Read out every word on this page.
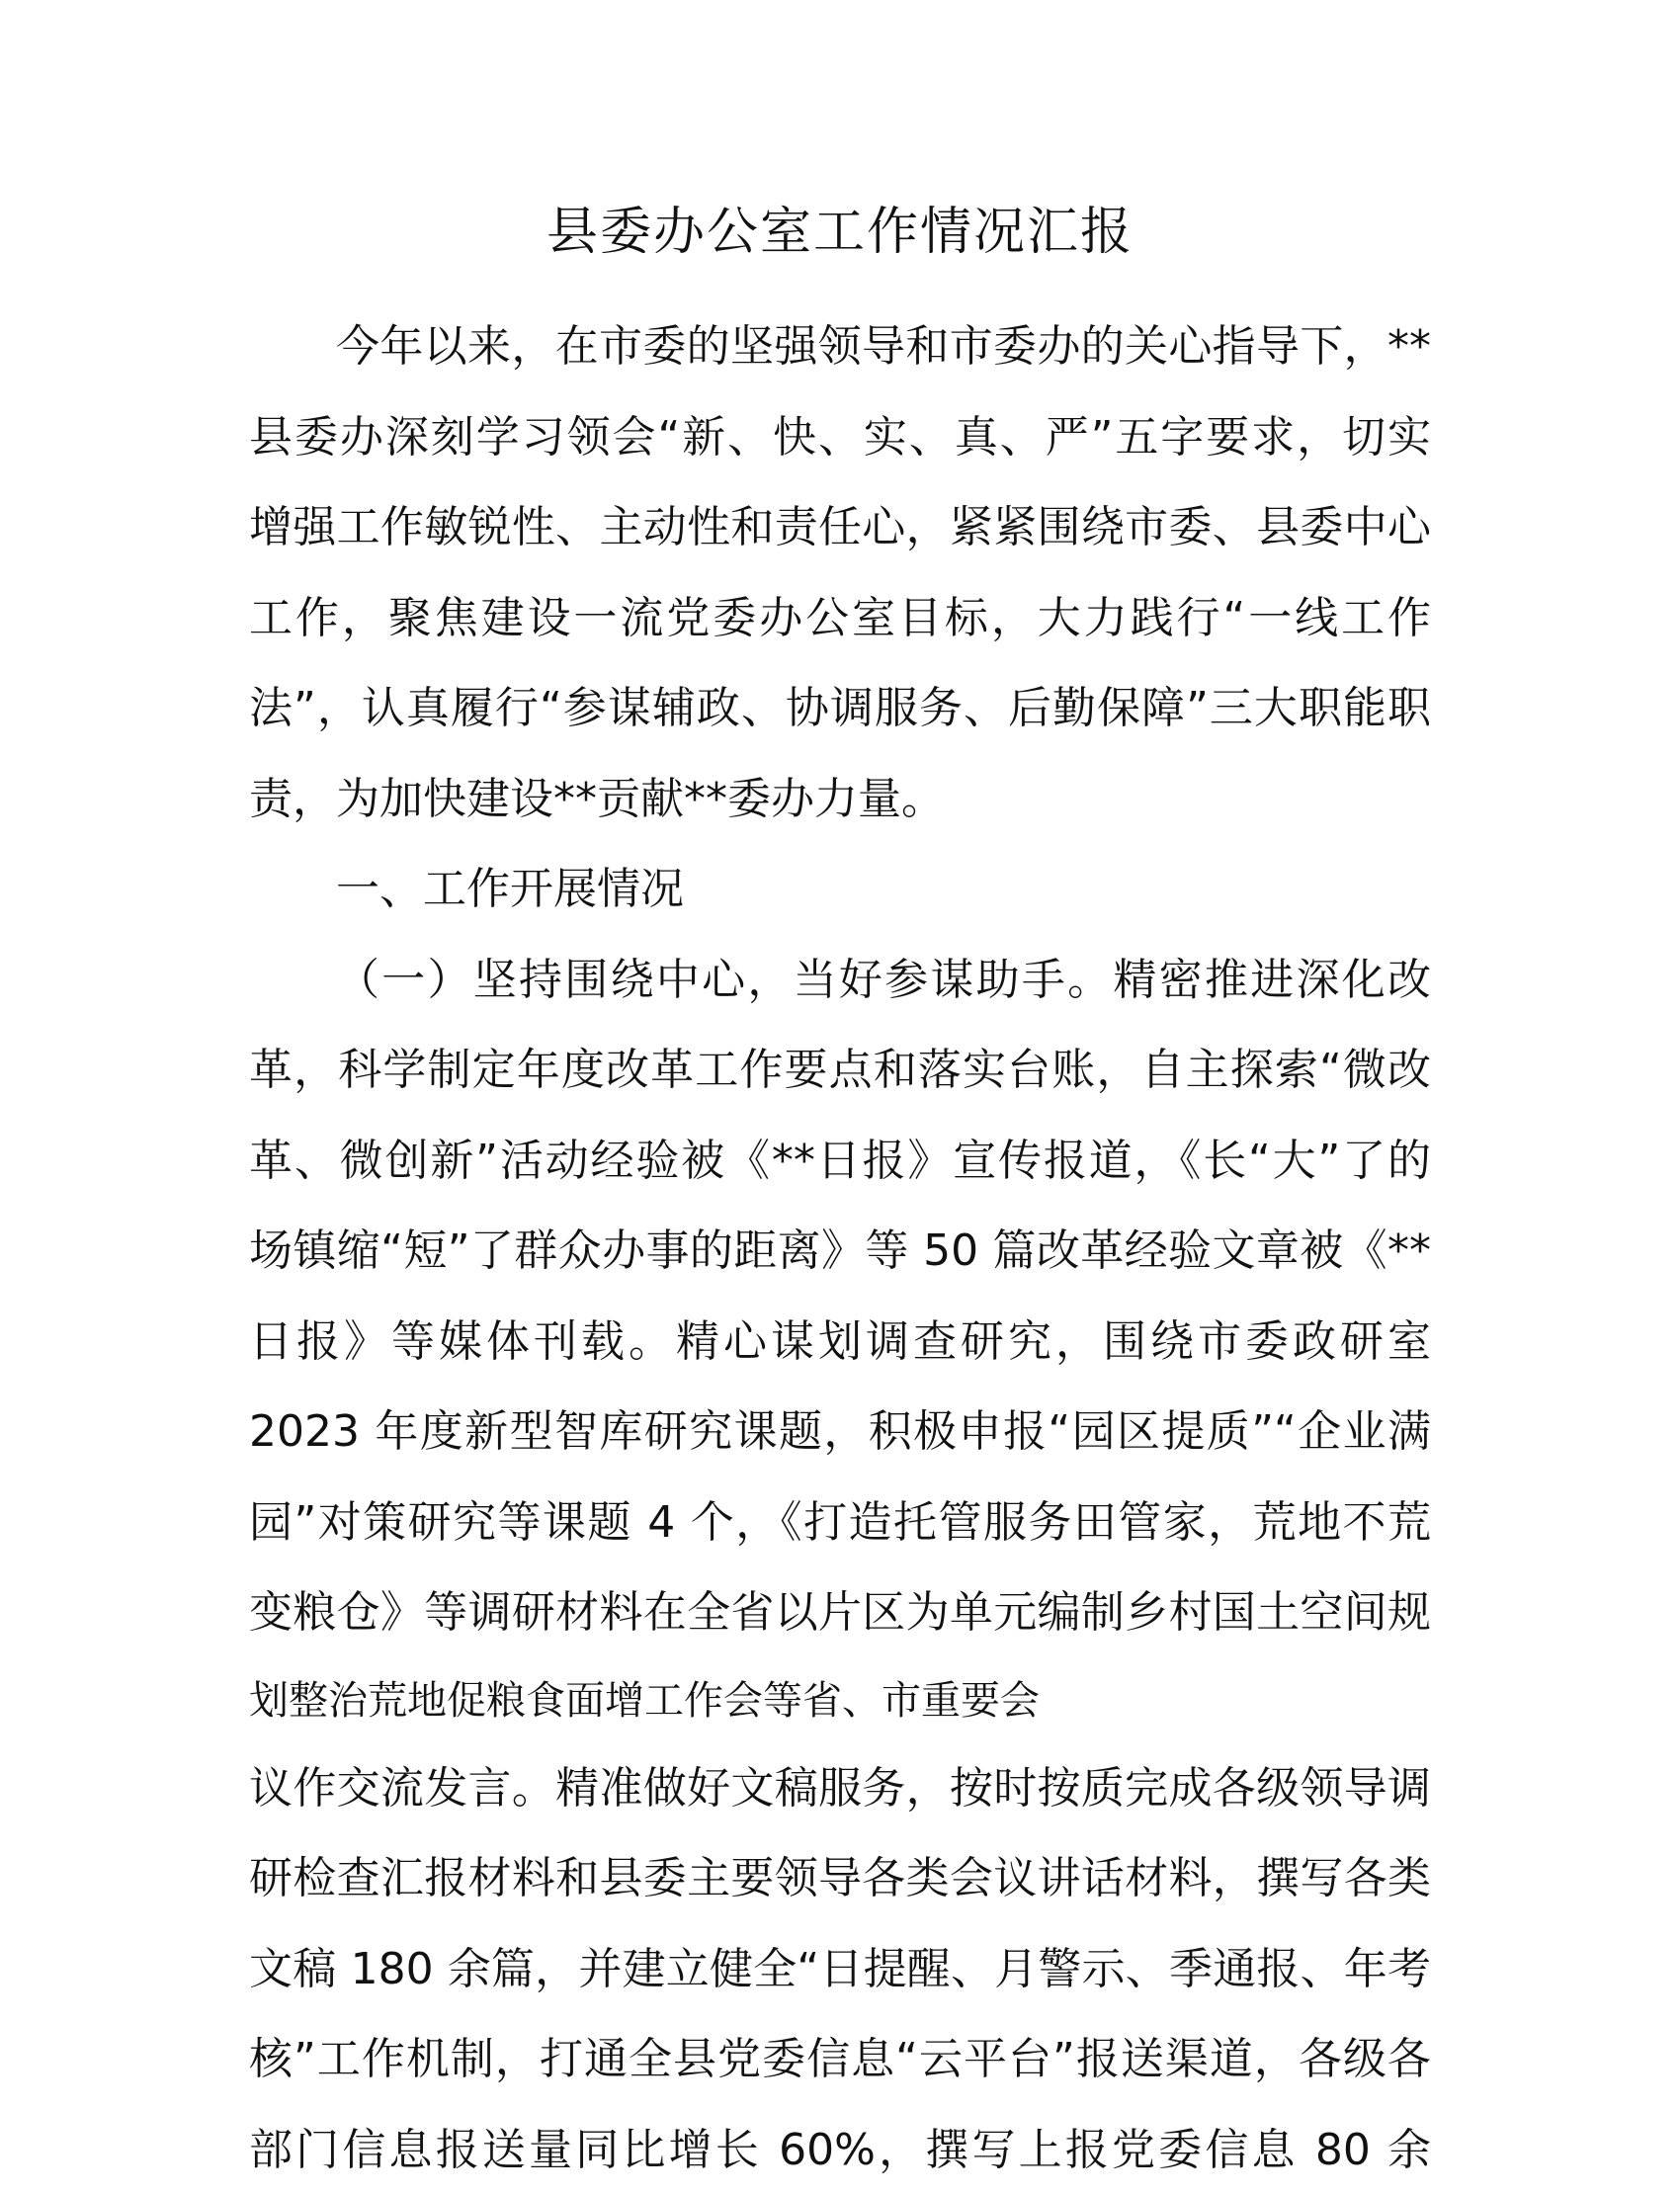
县委办公室工作情况汇报
今年以来，在市委的坚强领导和市委办的关心指导下，**
县委办深刻学习领会“新、快、实、真、严”五字要求，切实
增强工作敏锐性、主动性和责任心，紧紧围绕市委、县委中心
工作，聚焦建设一流党委办公室目标，大力践行“一线工作
法”，认真履行“参谋辅政、协调服务、后勤保障”三大职能职
责，为加快建设**贡献**委办力量。
一、工作开展情况
（一）坚持围绕中心，当好参谋助手。精密推进深化改
革，科学制定年度改革工作要点和落实台账，自主探索“微改
革、微创新”活动经验被《**日报》宣传报道，《长“大”了的
场镇缩“短”了群众办事的距离》等 50 篇改革经验文章被《**
日报》等媒体刊载。精心谋划调查研究，围绕市委政研室
2023 年度新型智库研究课题，积极申报“园区提质”“企业满
园”对策研究等课题 4 个，《打造托管服务田管家，荒地不荒
变粮仓》等调研材料在全省以片区为单元编制乡村国土空间规
划整治荒地促粮食面增工作会等省、市重要会
议作交流发言。精准做好文稿服务，按时按质完成各级领导调
研检查汇报材料和县委主要领导各类会议讲话材料，撰写各类
文稿 180 余篇，并建立健全“日提醒、月警示、季通报、年考
核”工作机制，打通全县党委信息“云平台”报送渠道，各级各
部门信息报送量同比增长 60%，撰写上报党委信息 80 余
